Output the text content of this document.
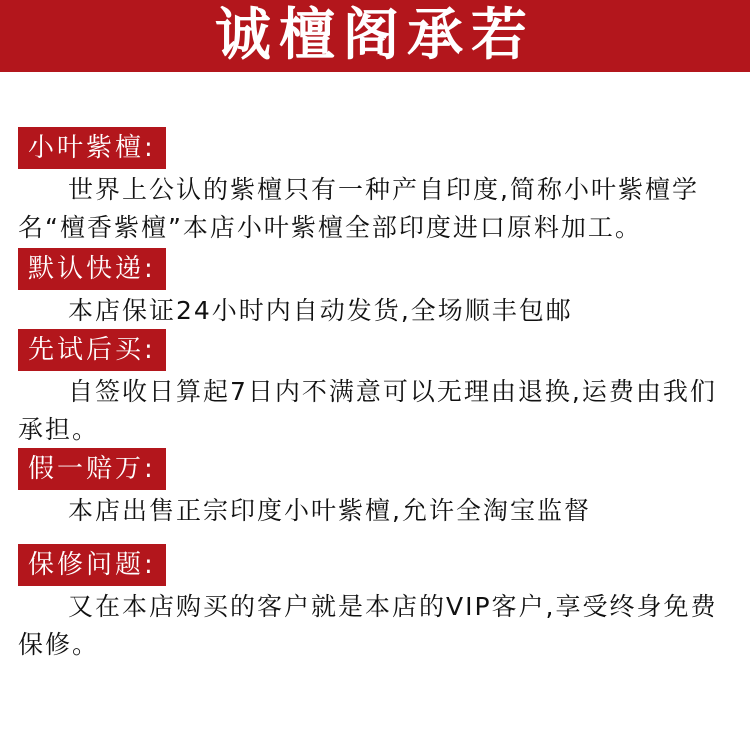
诚檀阁承若
小叶紫檀:
世界上公认的紫檀只有一种产自印度,简称小叶紫檀学名“檀香紫檀”本店小叶紫檀全部印度进口原料加工。
默认快递:
本店保证24小时内自动发货,全场顺丰包邮
先试后买:
自签收日算起7日内不满意可以无理由退换,运费由我们承担。
假一赔万:
本店出售正宗印度小叶紫檀,允许全淘宝监督
保修问题:
又在本店购买的客户就是本店的VIP客户,享受终身免费保修。
